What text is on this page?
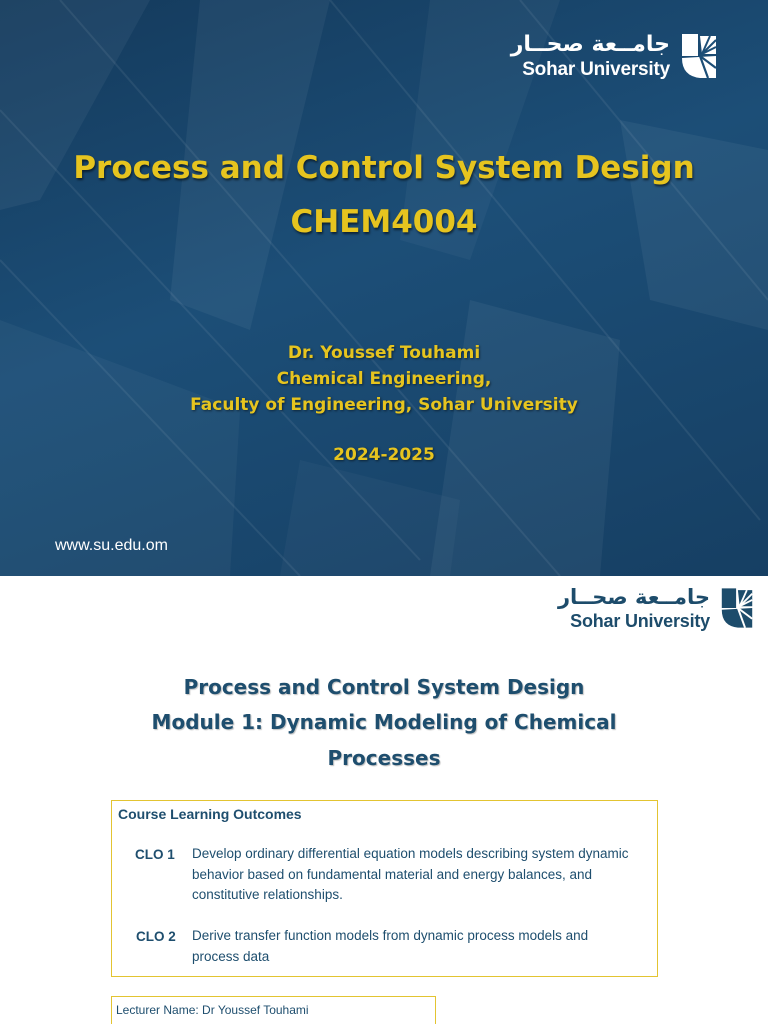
جامــعة صحــار
Sohar University
Process and Control System Design
CHEM4004
Dr. Youssef Touhami
Chemical Engineering,
Faculty of Engineering, Sohar University
2024-2025
www.su.edu.om
جامــعة صحــار
Sohar University
Process and Control System Design
Module 1: Dynamic Modeling of Chemical
Processes
Course Learning Outcomes
CLO 1 Develop ordinary differential equation models describing system dynamic behavior based on fundamental material and energy balances, and constitutive relationships.
CLO 2 Derive transfer function models from dynamic process models and process data
Lecturer Name: Dr Youssef Touhami
